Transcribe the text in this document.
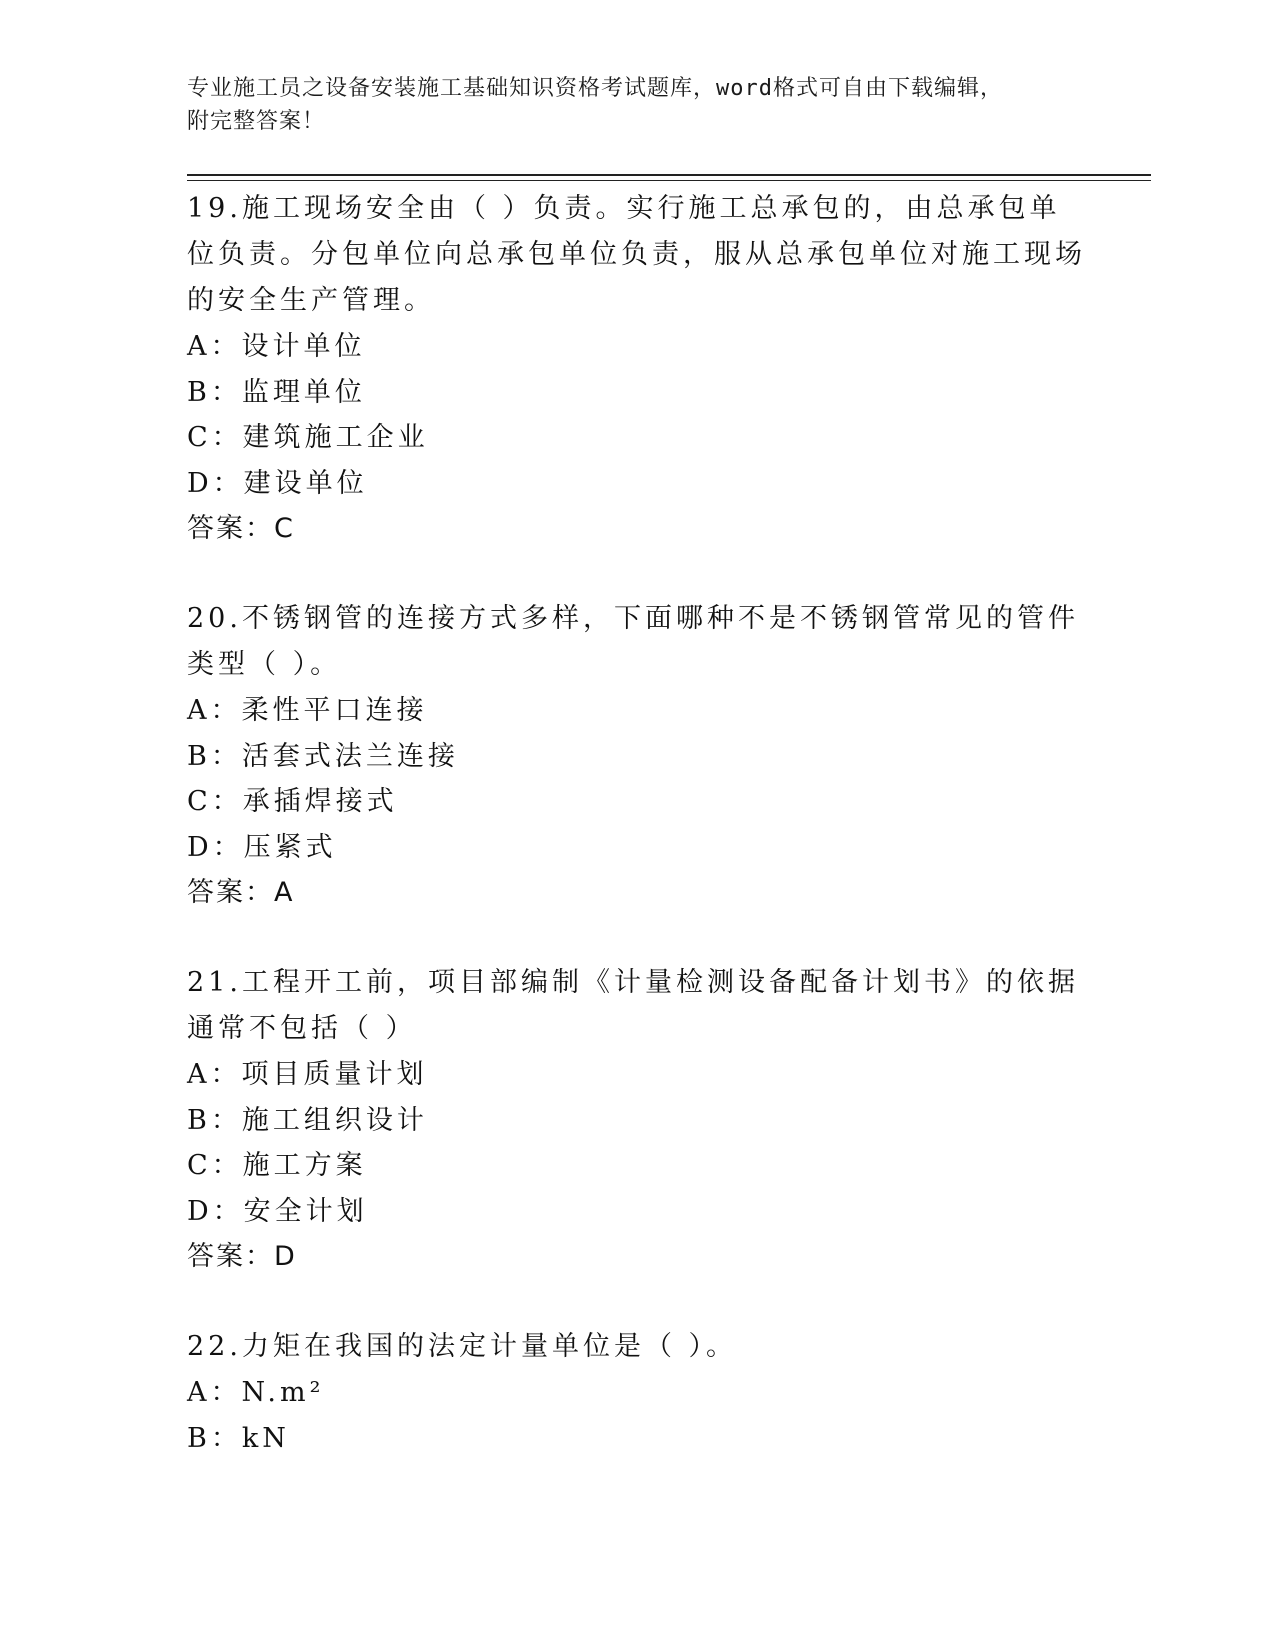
专业施工员之设备安装施工基础知识资格考试题库，word格式可自由下载编辑，
附完整答案！

19.施工现场安全由（ ）负责。实行施工总承包的，由总承包单位负责。分包单位向总承包单位负责，服从总承包单位对施工现场的安全生产管理。

A：设计单位

B：监理单位

C：建筑施工企业

D：建设单位

答案：C

20.不锈钢管的连接方式多样，下面哪种不是不锈钢管常见的管件类型（ ）。

A：柔性平口连接

B：活套式法兰连接

C：承插焊接式

D：压紧式

答案：A

21.工程开工前，项目部编制《计量检测设备配备计划书》的依据通常不包括（ ）

A：项目质量计划

B：施工组织设计

C：施工方案

D：安全计划

答案：D

22.力矩在我国的法定计量单位是（ ）。

A：N.m²

B：kN
